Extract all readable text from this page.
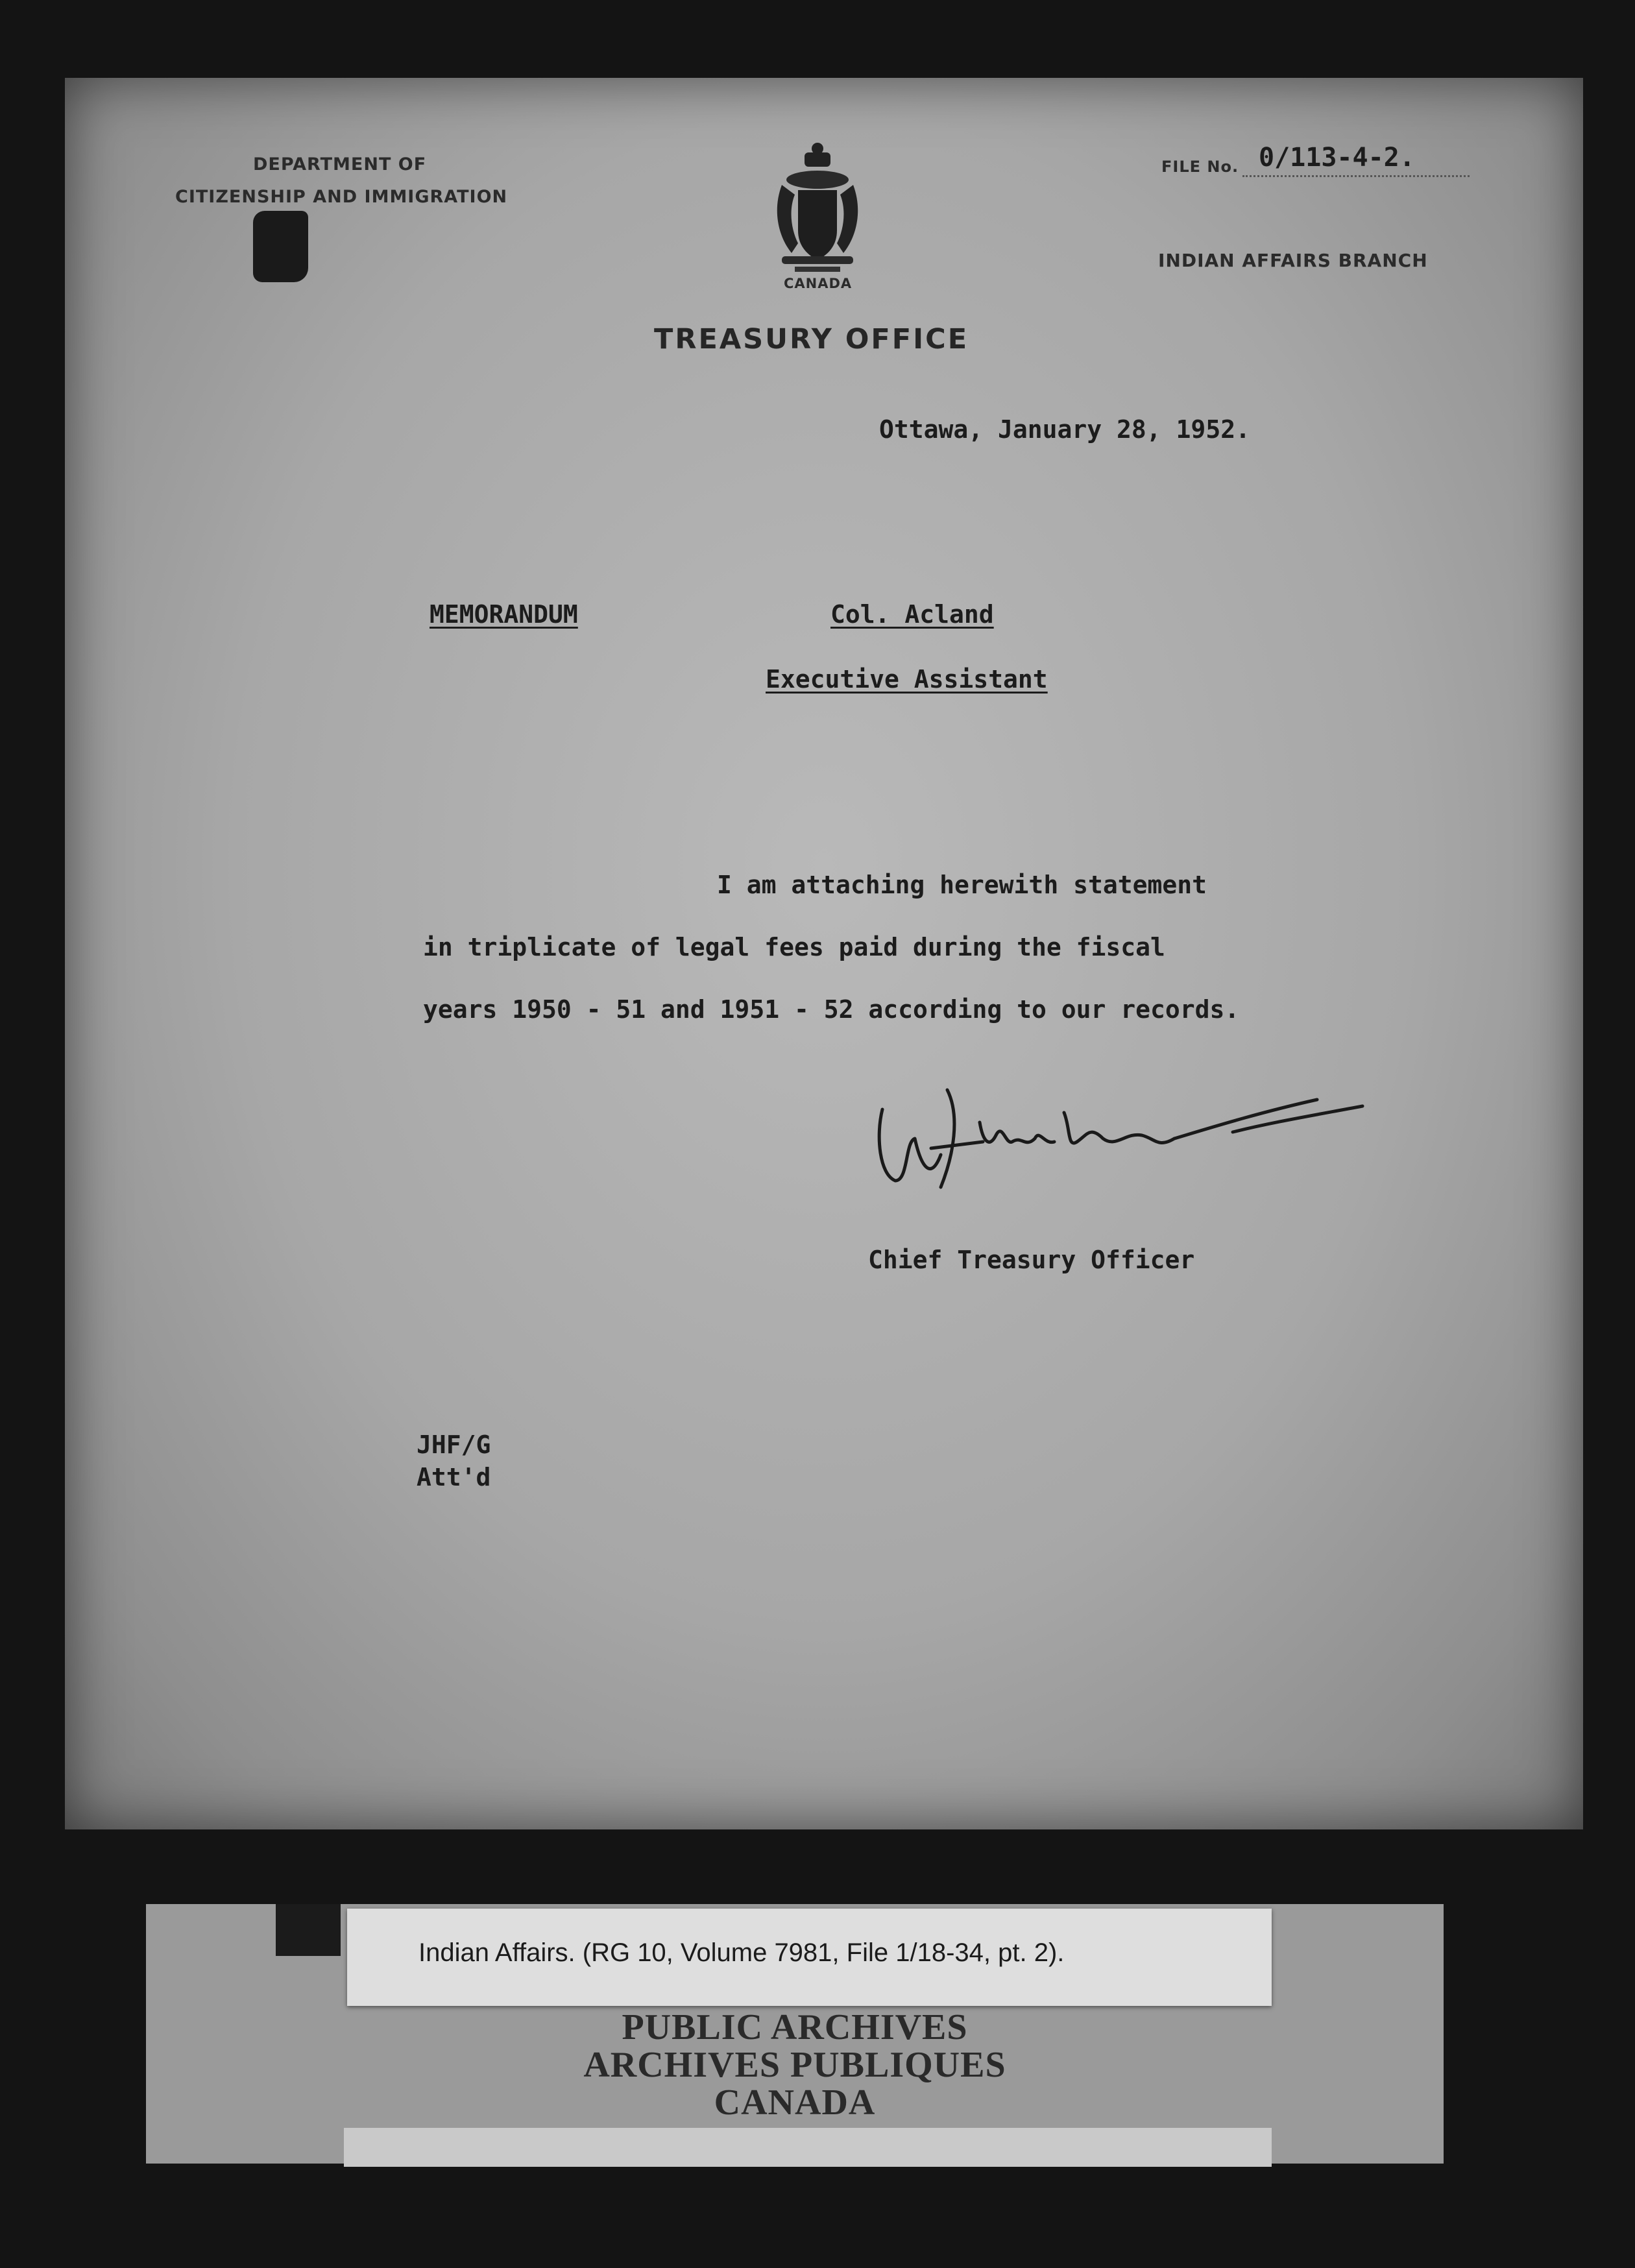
DEPARTMENT OF
CITIZENSHIP AND IMMIGRATION
CANADA
FILE No. 0/113-4-2.
INDIAN AFFAIRS BRANCH
TREASURY OFFICE
Ottawa, January 28, 1952.
MEMORANDUM	Col. Acland
Executive Assistant
I am attaching herewith statement
in triplicate of legal fees paid during the fiscal
years 1950 - 51 and 1951 - 52 according to our records.
Chief Treasury Officer
JHF/G
Att'd
PUBLIC ARCHIVES
ARCHIVES PUBLIQUES
CANADA
Indian Affairs. (RG 10, Volume 7981, File 1/18-34, pt. 2).
